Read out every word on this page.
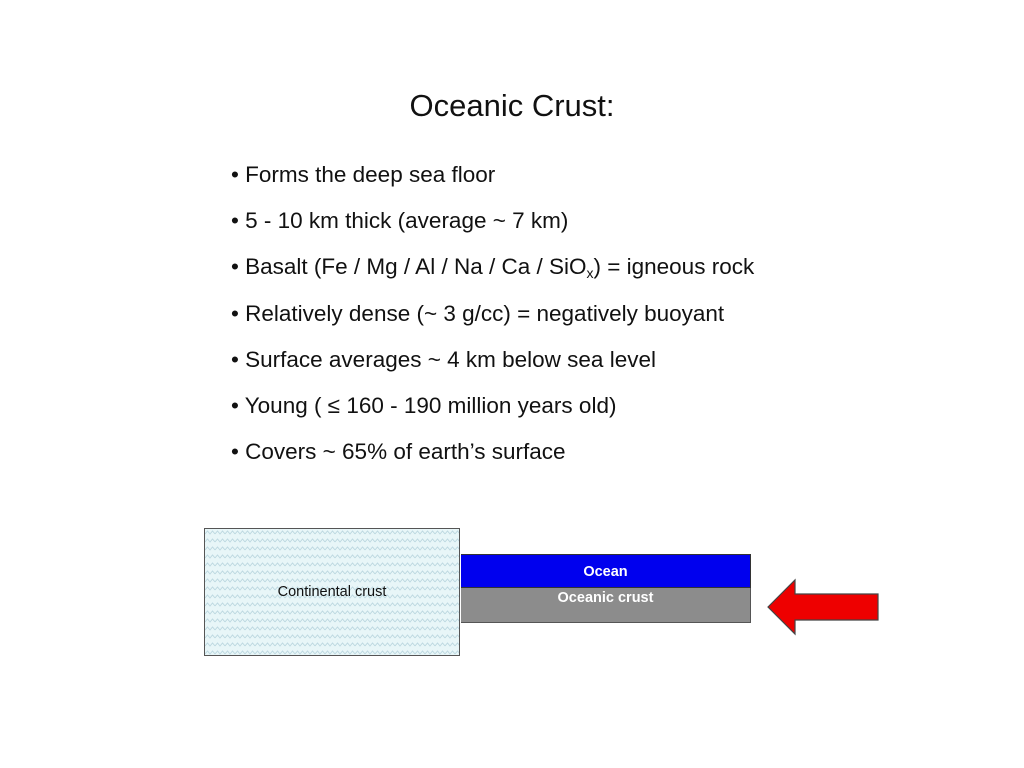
Oceanic Crust:
• Forms the deep sea floor
• 5 - 10 km thick (average ~ 7 km)
• Basalt (Fe / Mg / Al / Na / Ca / SiO$_x$) = igneous rock
• Relatively dense (~ 3 g/cc) = negatively buoyant
• Surface averages ~ 4 km below sea level
• Young ( ≤ 160 - 190 million years old)
• Covers ~ 65% of earth’s surface
Continental crust
Ocean
Oceanic crust
